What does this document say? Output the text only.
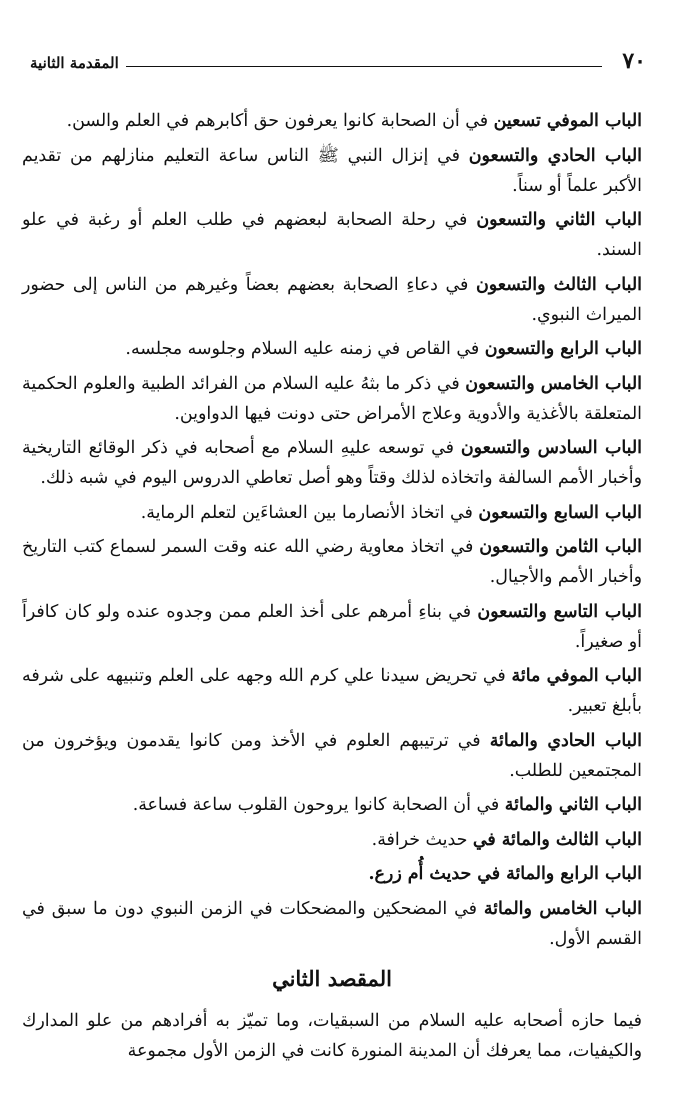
٧٠
المقدمة الثانية

الباب الموفي تسعين في أن الصحابة كانوا يعرفون حق أكابرهم في العلم والسن.

الباب الحادي والتسعون في إنزال النبي ﷺ الناس ساعة التعليم منازلهم من تقديم الأكبر علماً أو سناً.

الباب الثاني والتسعون في رحلة الصحابة لبعضهم في طلب العلم أو رغبة في علو السند.

الباب الثالث والتسعون في دعاءِ الصحابة بعضهم بعضاً وغيرهم من الناس إلى حضور الميراث النبوي.

الباب الرابع والتسعون في القاص في زمنه عليه السلام وجلوسه مجلسه.

الباب الخامس والتسعون في ذكر ما بثهُ عليه السلام من الفرائد الطبية والعلوم الحكمية المتعلقة بالأغذية والأدوية وعلاج الأمراض حتى دونت فيها الدواوين.

الباب السادس والتسعون في توسعه عليهِ السلام مع أصحابه في ذكر الوقائع التاريخية وأخبار الأمم السالفة واتخاذه لذلك وقتاً وهو أصل تعاطي الدروس اليوم في شبه ذلك.

الباب السابع والتسعون في اتخاذ الأنصارما بين العشاءَين لتعلم الرماية.

الباب الثامن والتسعون في اتخاذ معاوية رضي الله عنه وقت السمر لسماع كتب التاريخ وأخبار الأمم والأجيال.

الباب التاسع والتسعون في بناءِ أمرهم على أخذ العلم ممن وجدوه عنده ولو كان كافراً أو صغيراً.

الباب الموفي مائة في تحريض سيدنا علي كرم الله وجهه على العلم وتنبيهه على شرفه بأبلغ تعبير.

الباب الحادي والمائة في ترتيبهم العلوم في الأخذ ومن كانوا يقدمون ويؤخرون من المجتمعين للطلب.

الباب الثاني والمائة في أن الصحابة كانوا يروحون القلوب ساعة فساعة.

الباب الثالث والمائة في حديث خرافة.

الباب الرابع والمائة في حديث أُم زرع.

الباب الخامس والمائة في المضحكين والمضحكات في الزمن النبوي دون ما سبق في القسم الأول.

المقصد الثاني

فيما حازه أصحابه عليه السلام من السبقيات، وما تميّز به أفرادهم من علو المدارك والكيفيات، مما يعرفك أن المدينة المنورة كانت في الزمن الأول مجموعة
